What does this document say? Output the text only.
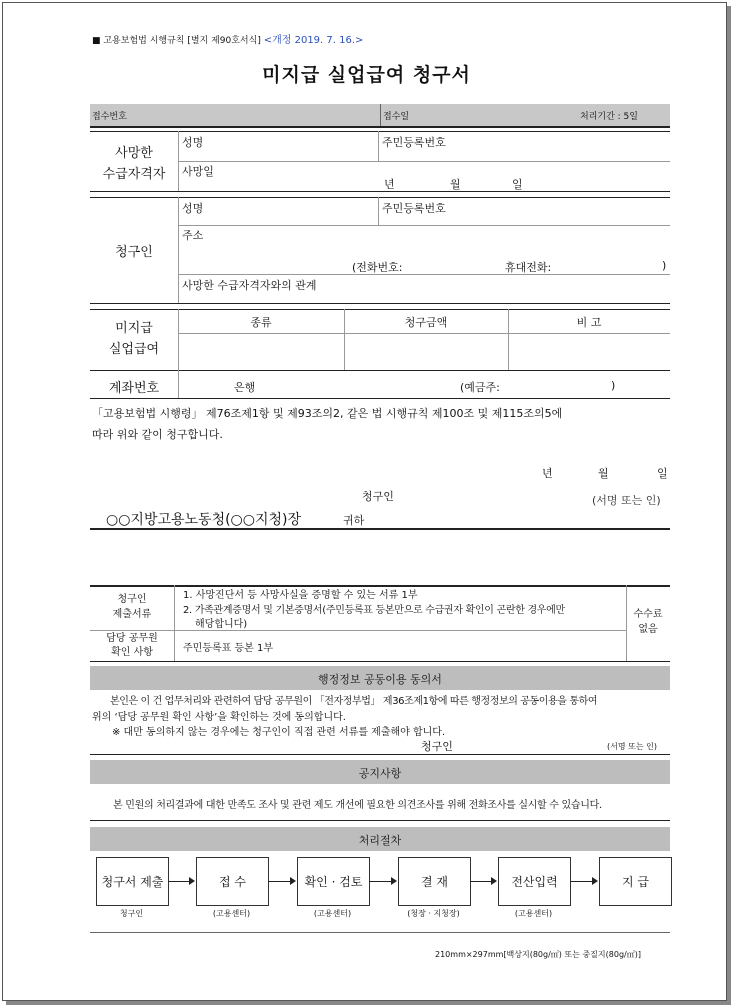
■ 고용보험법 시행규칙 [별지 제90호서식] <개정 2019. 7. 16.>
미지급 실업급여 청구서
접수번호	접수일	처리기간 : 5일
사망한
수급자격자
성명	주민등록번호
사망일
년	월	일
청구인
성명	주민등록번호
주소
(전화번호:	휴대전화:	)
사망한 수급자격자와의 관계
미지급
실업급여
종류	청구금액	비 고
계좌번호	은행	(예금주:	)
「고용보험법 시행령」 제76조제1항 및 제93조의2, 같은 법 시행규칙 제100조 및 제115조의5에
따라 위와 같이 청구합니다.
년	월	일
청구인	(서명 또는 인)
○○지방고용노동청(○○지청)장	귀하
청구인
제출서류
1. 사망진단서 등 사망사실을 증명할 수 있는 서류 1부
2. 가족관계증명서 및 기본증명서(주민등록표 등본만으로 수급권자 확인이 곤란한 경우에만
해당합니다)
수수료
없음
담당 공무원
확인 사항	주민등록표 등본 1부
행정정보 공동이용 동의서
본인은 이 건 업무처리와 관련하여 담당 공무원이 「전자정부법」 제36조제1항에 따른 행정정보의 공동이용을 통하여
위의 ‘담당 공무원 확인 사항’을 확인하는 것에 동의합니다.
※ 대만 동의하지 않는 경우에는 청구인이 직접 관련 서류를 제출해야 합니다.
청구인	(서명 또는 인)
공지사항
본 민원의 처리결과에 대한 만족도 조사 및 관련 제도 개선에 필요한 의견조사를 위해 전화조사를 실시할 수 있습니다.
처리절차
청구서 제출	접 수	확인 · 검토	결 재	전산입력	지 급
청구인	(고용센터)	(고용센터)	(청장 · 지청장)	(고용센터)
210mm×297mm[백상지(80g/㎡) 또는 중질지(80g/㎡)]
